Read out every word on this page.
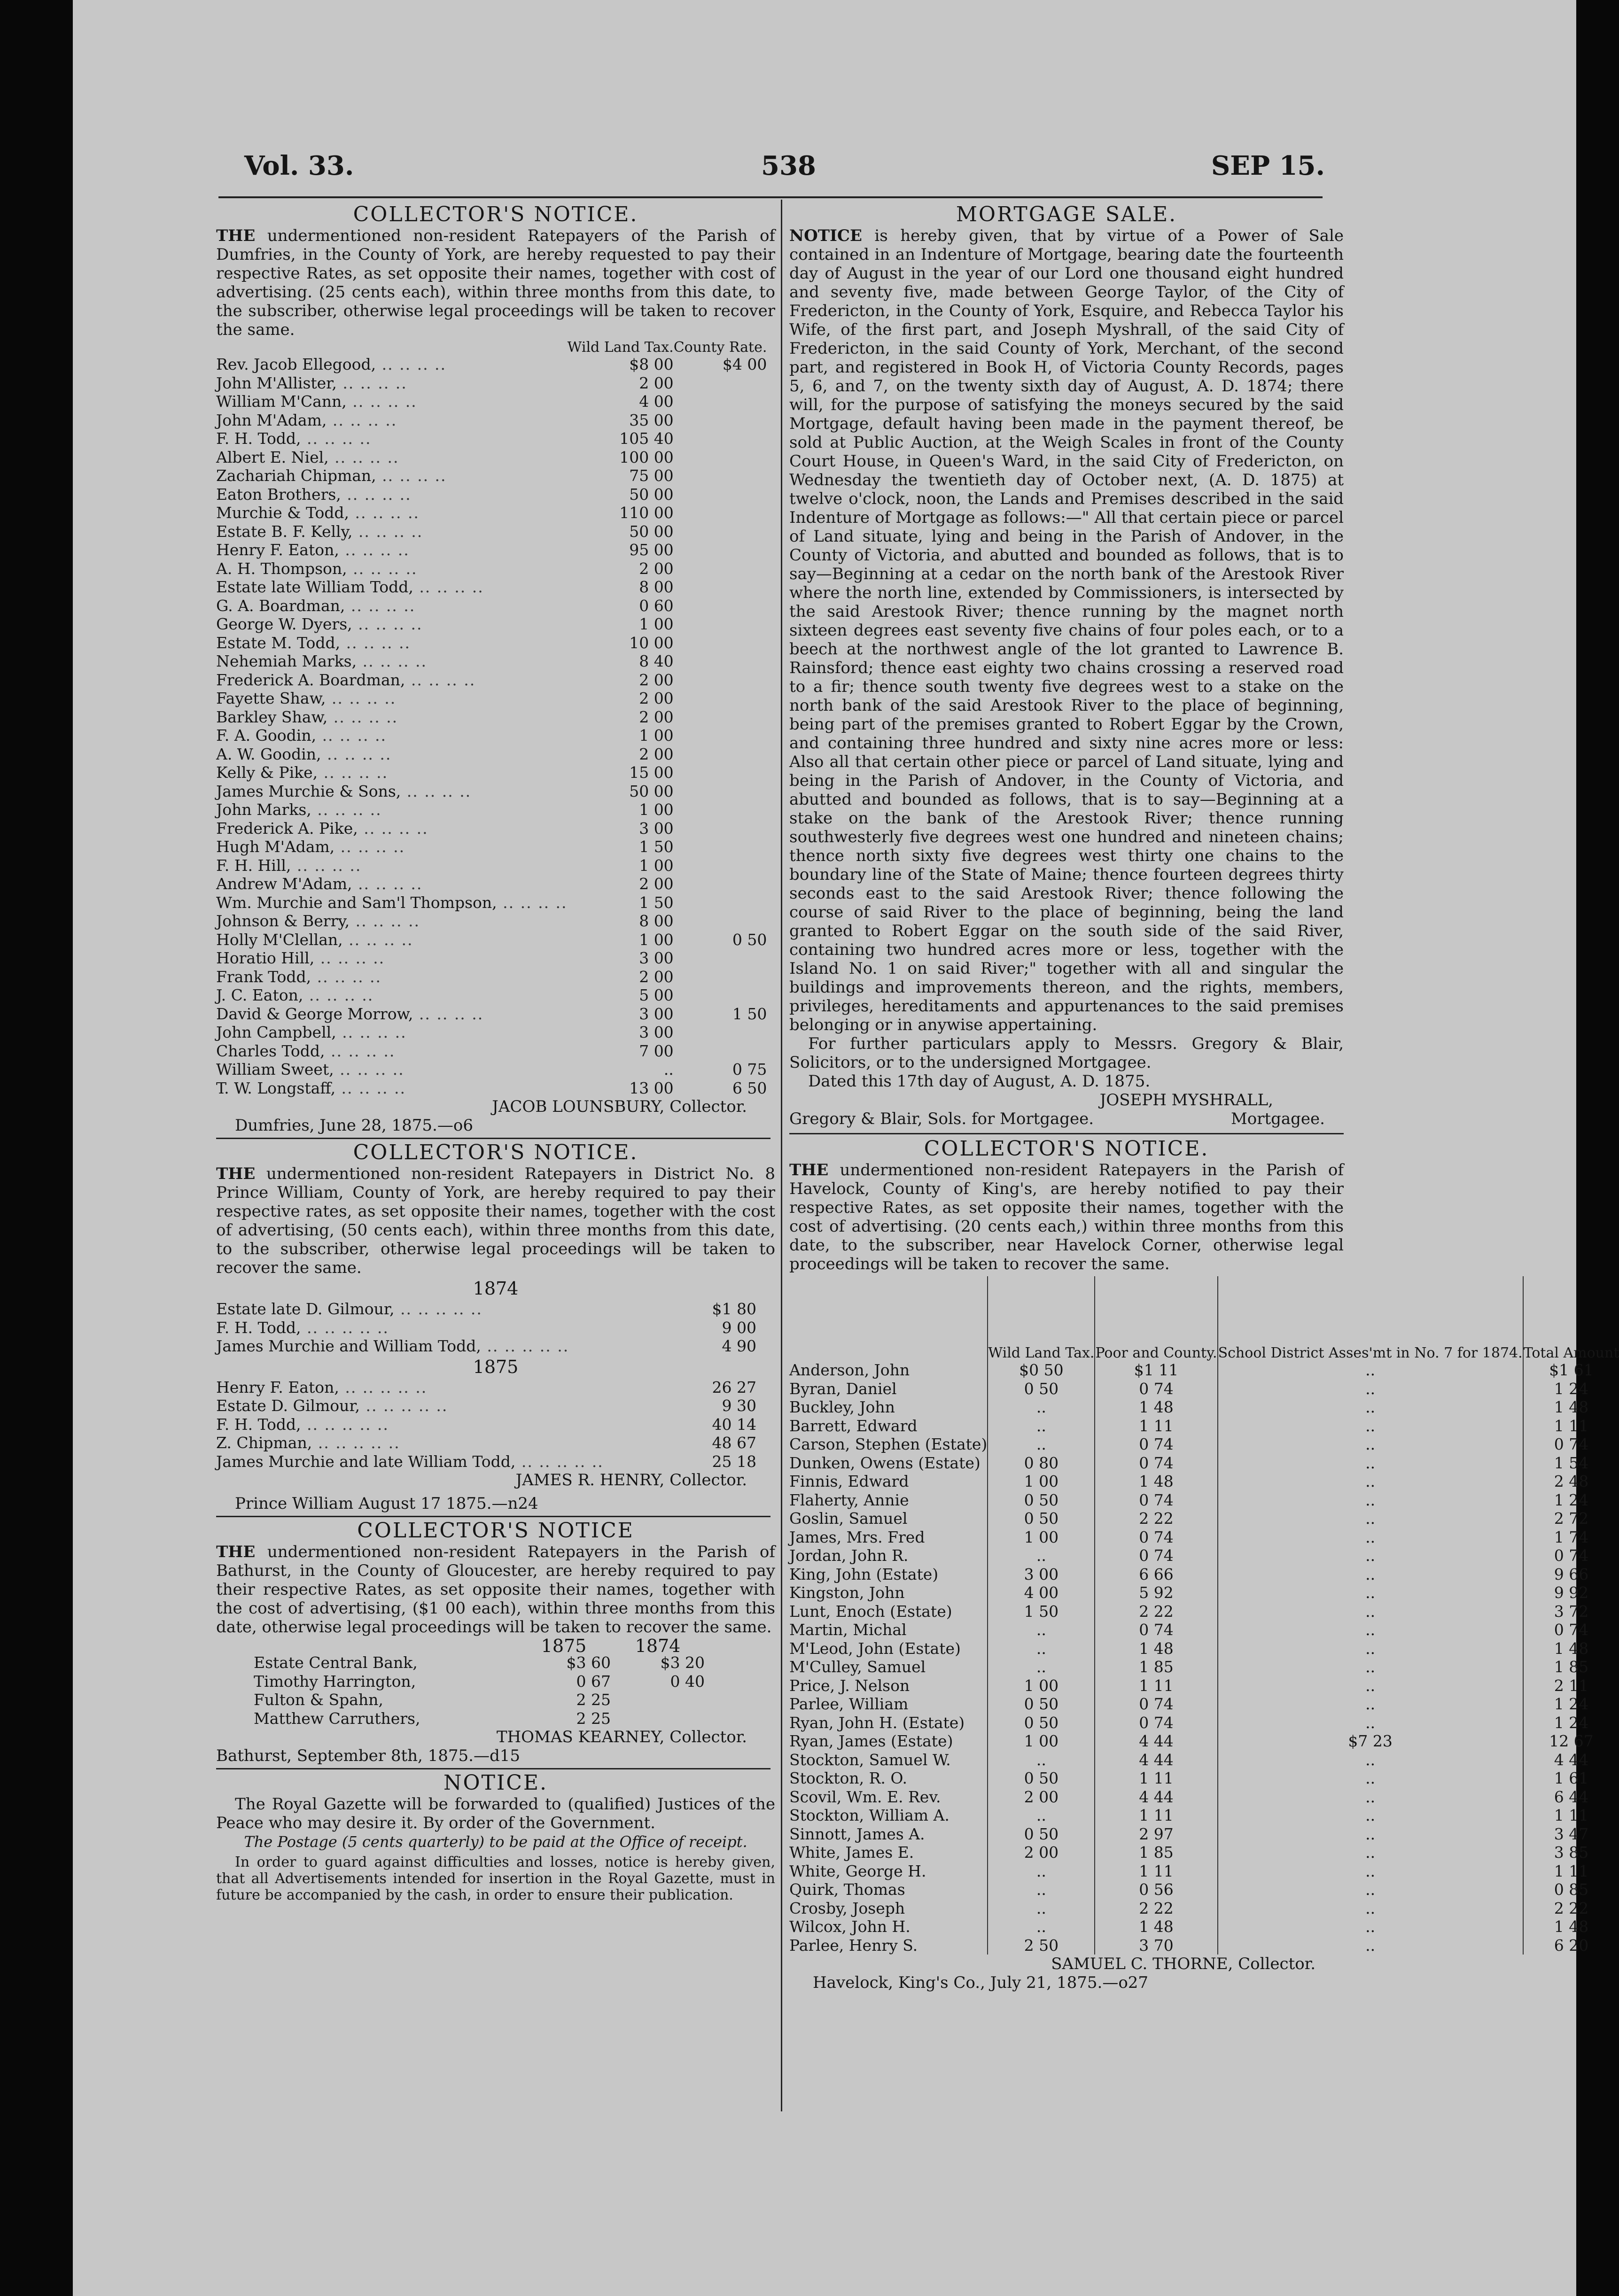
Vol. 33.	538	SEP 15.
COLLECTOR'S NOTICE.

THE undermentioned non-resident Ratepayers of the Parish of Dumfries, in the County of York, are hereby requested to pay their respective Rates, as set opposite their names, together with cost of advertising. (25 cents each), within three months from this date, to the subscriber, otherwise legal proceedings will be taken to recover the same.

	Wild Land Tax.	County Rate.
Rev. Jacob Ellegood, .. .. .. ..	$8 00	$4 00
John M'Allister, .. .. .. ..	2 00	
William M'Cann, .. .. .. ..	4 00	
John M'Adam, .. .. .. ..	35 00	
F. H. Todd, .. .. .. ..	105 40	
Albert E. Niel, .. .. .. ..	100 00	
Zachariah Chipman, .. .. .. ..	75 00	
Eaton Brothers, .. .. .. ..	50 00	
Murchie & Todd, .. .. .. ..	110 00	
Estate B. F. Kelly, .. .. .. ..	50 00	
Henry F. Eaton, .. .. .. ..	95 00	
A. H. Thompson, .. .. .. ..	2 00	
Estate late William Todd, .. .. .. ..	8 00	
G. A. Boardman, .. .. .. ..	0 60	
George W. Dyers, .. .. .. ..	1 00	
Estate M. Todd, .. .. .. ..	10 00	
Nehemiah Marks, .. .. .. ..	8 40	
Frederick A. Boardman, .. .. .. ..	2 00	
Fayette Shaw, .. .. .. ..	2 00	
Barkley Shaw, .. .. .. ..	2 00	
F. A. Goodin, .. .. .. ..	1 00	
A. W. Goodin, .. .. .. ..	2 00	
Kelly & Pike, .. .. .. ..	15 00	
James Murchie & Sons, .. .. .. ..	50 00	
John Marks, .. .. .. ..	1 00	
Frederick A. Pike, .. .. .. ..	3 00	
Hugh M'Adam, .. .. .. ..	1 50	
F. H. Hill, .. .. .. ..	1 00	
Andrew M'Adam, .. .. .. ..	2 00	
Wm. Murchie and Sam'l Thompson, .. .. .. ..	1 50	
Johnson & Berry, .. .. .. ..	8 00	
Holly M'Clellan, .. .. .. ..	1 00	0 50
Horatio Hill, .. .. .. ..	3 00	
Frank Todd, .. .. .. ..	2 00	
J. C. Eaton, .. .. .. ..	5 00	
David & George Morrow, .. .. .. ..	3 00	1 50
John Campbell, .. .. .. ..	3 00	
Charles Todd, .. .. .. ..	7 00	
William Sweet, .. .. .. ..	..	0 75
T. W. Longstaff, .. .. .. ..	13 00	6 50
JACOB LOUNSBURY, Collector.
Dumfries, June 28, 1875.—o6
COLLECTOR'S NOTICE.

THE undermentioned non-resident Ratepayers in District No. 8 Prince William, County of York, are hereby required to pay their respective rates, as set opposite their names, together with the cost of advertising, (50 cents each), within three months from this date, to the subscriber, otherwise legal proceedings will be taken to recover the same.

1874
Estate late D. Gilmour, .. .. .. .. ..	$1 80
F. H. Todd, .. .. .. .. ..	9 00
James Murchie and William Todd, .. .. .. .. ..	4 90
1875
Henry F. Eaton, .. .. .. .. ..	26 27
Estate D. Gilmour, .. .. .. .. ..	9 30
F. H. Todd, .. .. .. .. ..	40 14
Z. Chipman, .. .. .. .. ..	48 67
James Murchie and late William Todd, .. .. .. .. ..	25 18
JAMES R. HENRY, Collector.
Prince William August 17 1875.—n24
COLLECTOR'S NOTICE

THE undermentioned non-resident Ratepayers in the Parish of Bathurst, in the County of Gloucester, are hereby required to pay their respective Rates, as set opposite their names, together with the cost of advertising, ($1 00 each), within three months from this date, otherwise legal proceedings will be taken to recover the same.

		1875	1874	
	Estate Central Bank,	$3 60	$3 20	
	Timothy Harrington,	0 67	0 40	
	Fulton & Spahn,	2 25		
	Matthew Carruthers,	2 25		
THOMAS KEARNEY, Collector.
Bathurst, September 8th, 1875.—d15
NOTICE.

The Royal Gazette will be forwarded to (qualified) Justices of the Peace who may desire it. By order of the Government.

The Postage (5 cents quarterly) to be paid at the Office of receipt.

In order to guard against difficulties and losses, notice is hereby given, that all Advertisements intended for insertion in the Royal Gazette, must in future be accompanied by the cash, in order to ensure their publication.

MORTGAGE SALE.

NOTICE is hereby given, that by virtue of a Power of Sale contained in an Indenture of Mortgage, bearing date the fourteenth day of August in the year of our Lord one thousand eight hundred and seventy five, made between George Taylor, of the City of Fredericton, in the County of York, Esquire, and Rebecca Taylor his Wife, of the first part, and Joseph Myshrall, of the said City of Fredericton, in the said County of York, Merchant, of the second part, and registered in Book H, of Victoria County Records, pages 5, 6, and 7, on the twenty sixth day of August, A. D. 1874; there will, for the purpose of satisfying the moneys secured by the said Mortgage, default having been made in the payment thereof, be sold at Public Auction, at the Weigh Scales in front of the County Court House, in Queen's Ward, in the said City of Fredericton, on Wednesday the twentieth day of October next, (A. D. 1875) at twelve o'clock, noon, the Lands and Premises described in the said Indenture of Mortgage as follows:—" All that certain piece or parcel of Land situate, lying and being in the Parish of Andover, in the County of Victoria, and abutted and bounded as follows, that is to say—Beginning at a cedar on the north bank of the Arestook River where the north line, extended by Commissioners, is intersected by the said Arestook River; thence running by the magnet north sixteen degrees east seventy five chains of four poles each, or to a beech at the northwest angle of the lot granted to Lawrence B. Rainsford; thence east eighty two chains crossing a reserved road to a fir; thence south twenty five degrees west to a stake on the north bank of the said Arestook River to the place of beginning, being part of the premises granted to Robert Eggar by the Crown, and containing three hundred and sixty nine acres more or less: Also all that certain other piece or parcel of Land situate, lying and being in the Parish of Andover, in the County of Victoria, and abutted and bounded as follows, that is to say—Beginning at a stake on the bank of the Arestook River; thence running southwesterly five degrees west one hundred and nineteen chains; thence north sixty five degrees west thirty one chains to the boundary line of the State of Maine; thence fourteen degrees thirty seconds east to the said Arestook River; thence following the course of said River to the place of beginning, being the land granted to Robert Eggar on the south side of the said River, containing two hundred acres more or less, together with the Island No. 1 on said River;" together with all and singular the buildings and improvements thereon, and the rights, members, privileges, hereditaments and appurtenances to the said premises belonging or in anywise appertaining.

For further particulars apply to Messrs. Gregory & Blair, Solicitors, or to the undersigned Mortgagee.

Dated this 17th day of August, A. D. 1875.
JOSEPH MYSHRALL,
Gregory & Blair, Sols. for Mortgagee.	Mortgagee.
COLLECTOR'S NOTICE.

THE undermentioned non-resident Ratepayers in the Parish of Havelock, County of King's, are hereby notified to pay their respective Rates, as set opposite their names, together with the cost of advertising. (20 cents each,) within three months from this date, to the subscriber, near Havelock Corner, otherwise legal proceedings will be taken to recover the same.

	Wild Land Tax.	Poor and County.	School District Asses'mt in No. 7 for 1874.	Total Amount
Anderson, John	$0 50	$1 11	..	$1 61
Byran, Daniel	0 50	0 74	..	1 24
Buckley, John	..	1 48	..	1 48
Barrett, Edward	..	1 11	..	1 11
Carson, Stephen (Estate)	..	0 74	..	0 74
Dunken, Owens (Estate)	0 80	0 74	..	1 54
Finnis, Edward	1 00	1 48	..	2 48
Flaherty, Annie	0 50	0 74	..	1 24
Goslin, Samuel	0 50	2 22	..	2 72
James, Mrs. Fred	1 00	0 74	..	1 74
Jordan, John R.	..	0 74	..	0 74
King, John (Estate)	3 00	6 66	..	9 66
Kingston, John	4 00	5 92	..	9 92
Lunt, Enoch (Estate)	1 50	2 22	..	3 72
Martin, Michal	..	0 74	..	0 74
M'Leod, John (Estate)	..	1 48	..	1 48
M'Culley, Samuel	..	1 85	..	1 85
Price, J. Nelson	1 00	1 11	..	2 11
Parlee, William	0 50	0 74	..	1 24
Ryan, John H. (Estate)	0 50	0 74	..	1 24
Ryan, James (Estate)	1 00	4 44	$7 23	12 67
Stockton, Samuel W.	..	4 44	..	4 44
Stockton, R. O.	0 50	1 11	..	1 61
Scovil, Wm. E. Rev.	2 00	4 44	..	6 44
Stockton, William A.	..	1 11	..	1 11
Sinnott, James A.	0 50	2 97	..	3 47
White, James E.	2 00	1 85	..	3 85
White, George H.	..	1 11	..	1 11
Quirk, Thomas	..	0 56	..	0 85
Crosby, Joseph	..	2 22	..	2 22
Wilcox, John H.	..	1 48	..	1 48
Parlee, Henry S.	2 50	3 70	..	6 20
SAMUEL C. THORNE, Collector.
Havelock, King's Co., July 21, 1875.—o27
